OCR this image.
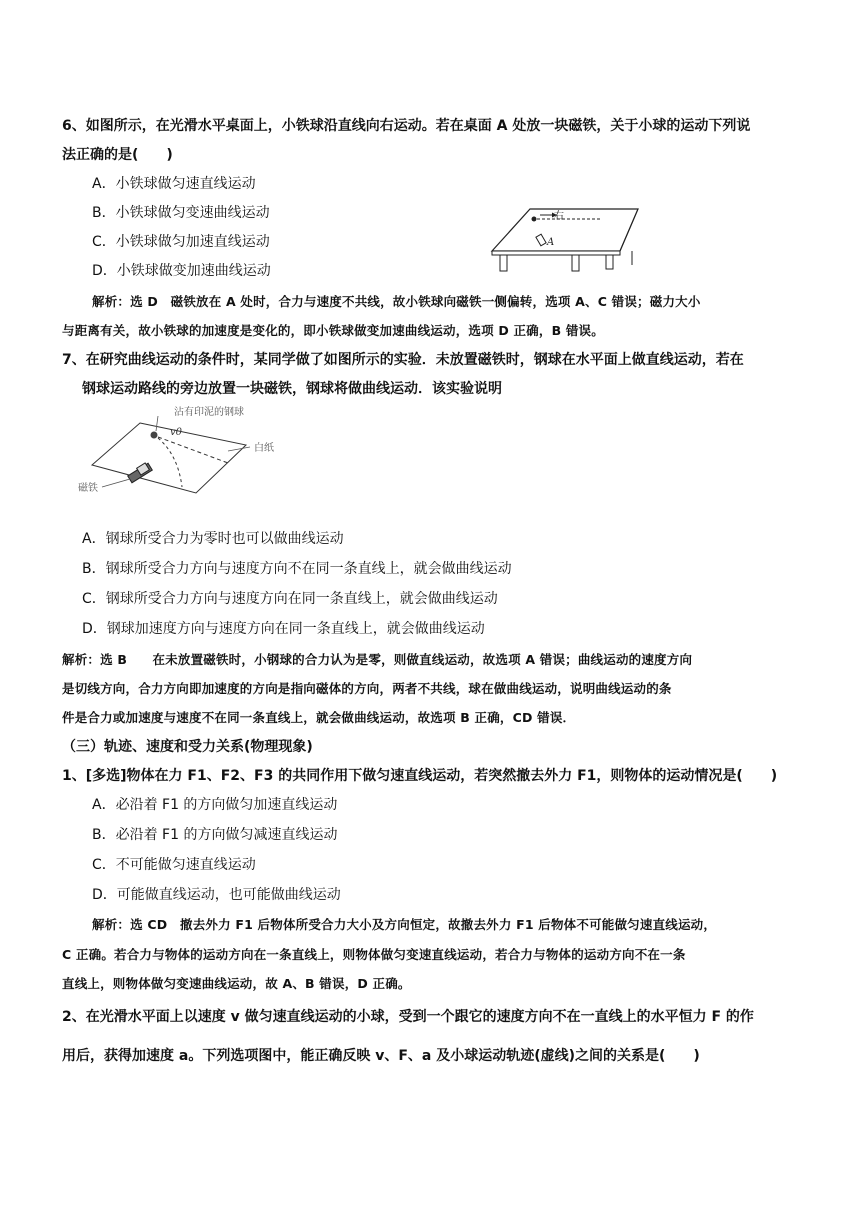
6、如图所示，在光滑水平桌面上，小铁球沿直线向右运动。若在桌面 A 处放一块磁铁，关于小球的运动下列说
法正确的是(　　)
A．小铁球做匀速直线运动
B．小铁球做匀变速曲线运动
C．小铁球做匀加速直线运动
D．小铁球做变加速曲线运动
右
A
解析：选 D　磁铁放在 A 处时，合力与速度不共线，故小铁球向磁铁一侧偏转，选项 A、C 错误；磁力大小
与距离有关，故小铁球的加速度是变化的，即小铁球做变加速曲线运动，选项 D 正确，B 错误。
7、在研究曲线运动的条件时，某同学做了如图所示的实验．未放置磁铁时，钢球在水平面上做直线运动，若在
钢球运动路线的旁边放置一块磁铁，钢球将做曲线运动．该实验说明
沾有印泥的钢球
v0
白纸
磁铁
A．钢球所受合力为零时也可以做曲线运动
B．钢球所受合力方向与速度方向不在同一条直线上，就会做曲线运动
C．钢球所受合力方向与速度方向在同一条直线上，就会做曲线运动
D．钢球加速度方向与速度方向在同一条直线上，就会做曲线运动
解析：选 B　　在未放置磁铁时，小钢球的合力认为是零，则做直线运动，故选项 A 错误；曲线运动的速度方向
是切线方向，合力方向即加速度的方向是指向磁体的方向，两者不共线，球在做曲线运动，说明曲线运动的条
件是合力或加速度与速度不在同一条直线上，就会做曲线运动，故选项 B 正确，CD 错误．
（三）轨迹、速度和受力关系(物理现象)
1、[多选]物体在力 F1、F2、F3 的共同作用下做匀速直线运动，若突然撤去外力 F1，则物体的运动情况是(　　)
A．必沿着 F1 的方向做匀加速直线运动
B．必沿着 F1 的方向做匀减速直线运动
C．不可能做匀速直线运动
D．可能做直线运动，也可能做曲线运动
解析：选 CD　撤去外力 F1 后物体所受合力大小及方向恒定，故撤去外力 F1 后物体不可能做匀速直线运动，
C 正确。若合力与物体的运动方向在一条直线上，则物体做匀变速直线运动，若合力与物体的运动方向不在一条
直线上，则物体做匀变速曲线运动，故 A、B 错误，D 正确。
2、在光滑水平面上以速度 v 做匀速直线运动的小球，受到一个跟它的速度方向不在一直线上的水平恒力 F 的作
用后，获得加速度 a。下列选项图中，能正确反映 v、F、a 及小球运动轨迹(虚线)之间的关系是(　　)
